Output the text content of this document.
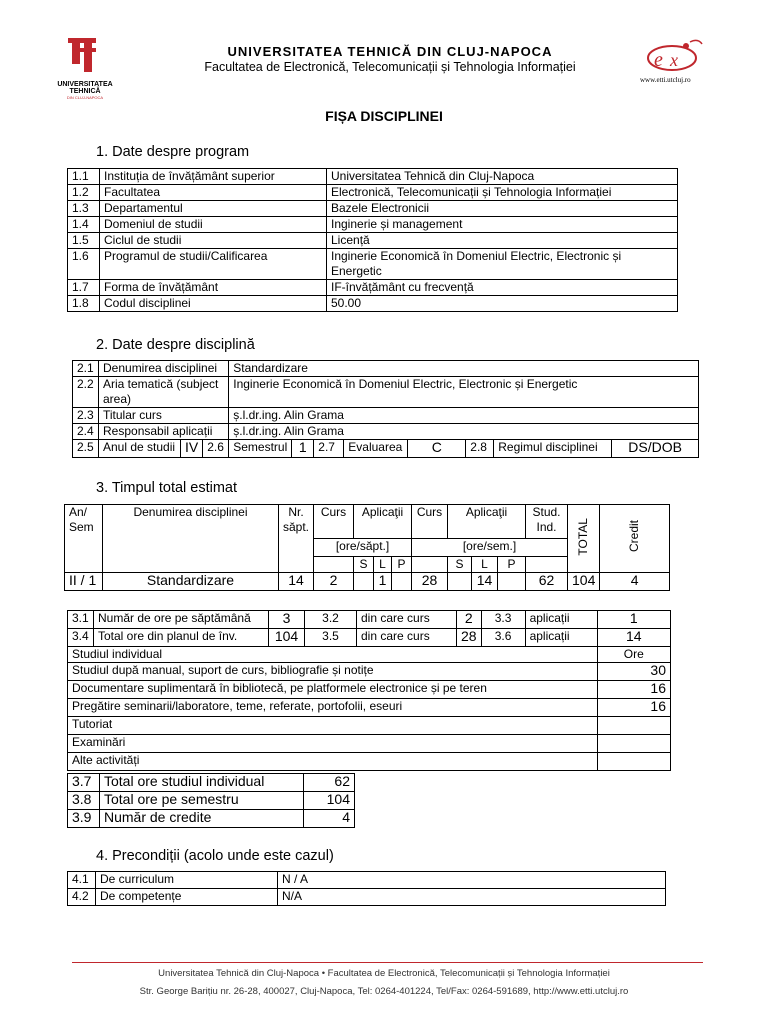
UNIVERSITATEA
TEHNICĂ
DIN CLUJ-NAPOCA
UNIVERSITATEA TEHNICĂ DIN CLUJ-NAPOCA
Facultatea de Electronică, Telecomunicații și Tehnologia Informației	e x
www.etti.utcluj.ro
FIȘA DISCIPLINEI
1. Date despre program
1.1	Instituția de învățământ superior	Universitatea Tehnică din Cluj-Napoca
1.2	Facultatea	Electronică, Telecomunicații și Tehnologia Informației
1.3	Departamentul	Bazele Electronicii
1.4	Domeniul de studii	Inginerie și management
1.5	Ciclul de studii	Licență
1.6	Programul de studii/Calificarea	Inginerie Economică în Domeniul Electric, Electronic și Energetic
1.7	Forma de învățământ	IF-învățământ cu frecvență
1.8	Codul disciplinei	50.00
2. Date despre disciplină
2.1	Denumirea disciplinei			Standardizare							
2.2	Aria tematică (subject area)			Inginerie Economică în Domeniul Electric, Electronic și Energetic							
2.3	Titular curs			ș.l.dr.ing. Alin Grama							
2.4	Responsabil aplicații			ș.l.dr.ing. Alin Grama							
2.5	Anul de studii	IV	2.6	Semestrul	1	2.7	Evaluarea	C	2.8	Regimul disciplinei	DS/DOB
3. Timpul total estimat
An/ Sem	Denumirea disciplinei	Nr. săpt.	Curs	Aplicaţii			Curs	Aplicaţii			Stud. Ind.	TOTAL	Credit
			[ore/săpt.]				[ore/sem.]						
				S	L	P		S	L	P			
II / 1	Standardizare	14	2		1		28		14		62	104	4
3.1	Număr de ore pe săptămână	3	3.2	din care curs	2	3.3	aplicații	1
3.4	Total ore din planul de înv.	104	3.5	din care curs	28	3.6	aplicații	14
Studiul individual								Ore
Studiul după manual, suport de curs, bibliografie și notițe								30
Documentare suplimentară în bibliotecă, pe platformele electronice și pe teren								16
Pregătire seminarii/laboratore, teme, referate, portofolii, eseuri								16
Tutoriat								
Examinări								
Alte activități								
3.7	Total ore studiul individual	62
3.8	Total ore pe semestru	104
3.9	Număr de credite	4
4. Precondiții (acolo unde este cazul)
4.1	De curriculum	N / A
4.2	De competențe	N/A
Universitatea Tehnică din Cluj-Napoca • Facultatea de Electronică, Telecomunicații și Tehnologia Informației
Str. George Barițiu nr. 26-28, 400027, Cluj-Napoca, Tel: 0264-401224, Tel/Fax: 0264-591689, http://www.etti.utcluj.ro
